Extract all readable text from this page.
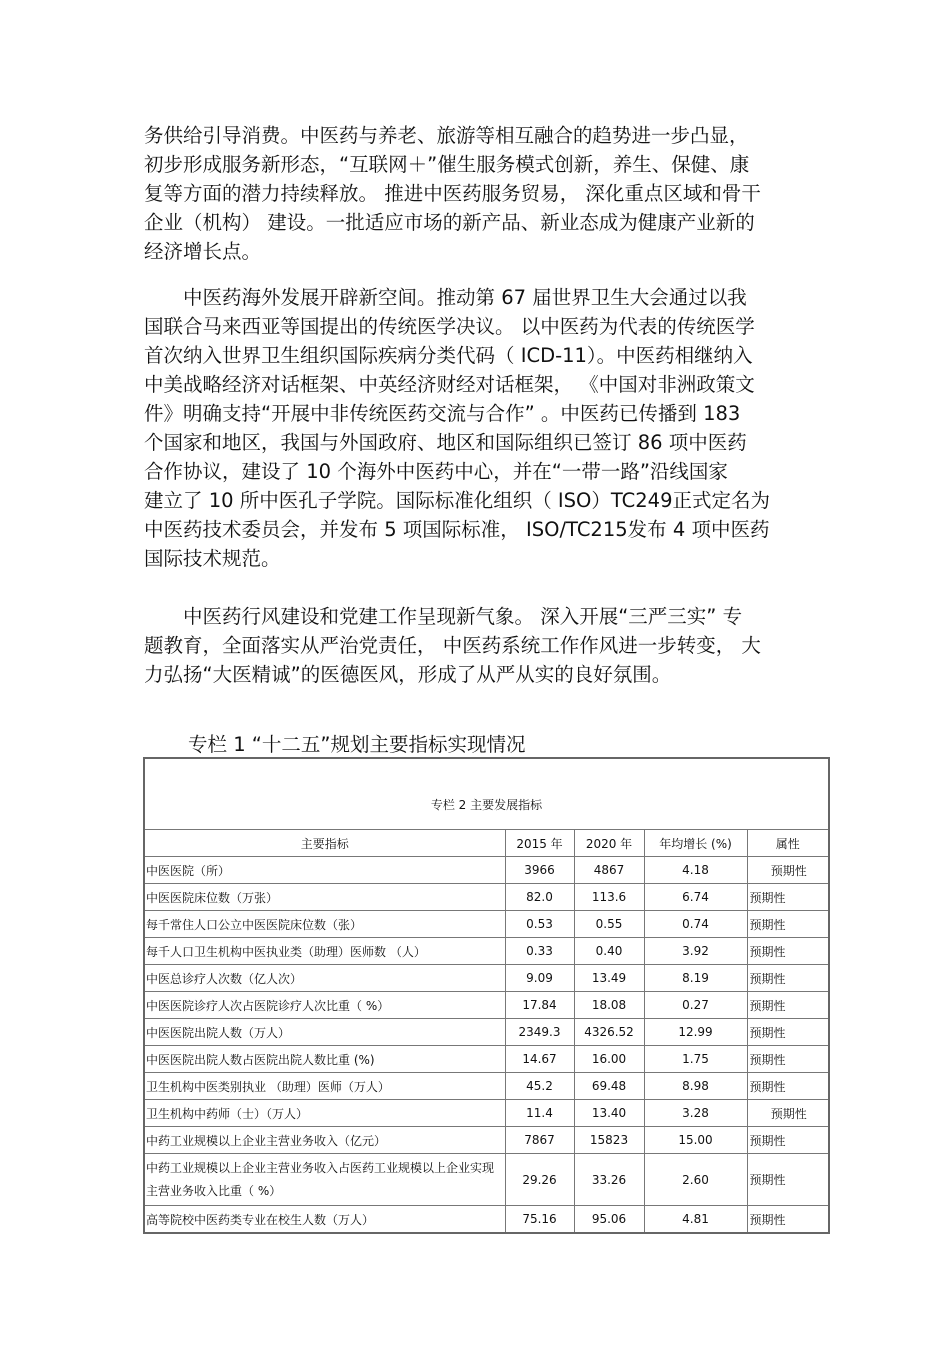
务供给引导消费。中医药与养老、旅游等相互融合的趋势进一步凸显，
初步形成服务新形态，“互联网＋”催生服务模式创新，养生、保健、康
复等方面的潜力持续释放。 推进中医药服务贸易， 深化重点区域和骨干
企业（机构） 建设。一批适应市场的新产品、新业态成为健康产业新的
经济增长点。
　　中医药海外发展开辟新空间。推动第 67 届世界卫生大会通过以我
国联合马来西亚等国提出的传统医学决议。 以中医药为代表的传统医学
首次纳入世界卫生组织国际疾病分类代码（ ICD-11）。中医药相继纳入
中美战略经济对话框架、中英经济财经对话框架， 《中国对非洲政策文
件》明确支持“开展中非传统医药交流与合作” 。中医药已传播到 183
个国家和地区，我国与外国政府、地区和国际组织已签订 86 项中医药
合作协议，建设了 10 个海外中医药中心，并在“一带一路”沿线国家
建立了 10 所中医孔子学院。国际标准化组织（ ISO）TC249正式定名为
中医药技术委员会，并发布 5 项国际标准， ISO/TC215发布 4 项中医药
国际技术规范。
　　中医药行风建设和党建工作呈现新气象。 深入开展“三严三实” 专
题教育，全面落实从严治党责任， 中医药系统工作作风进一步转变， 大
力弘扬“大医精诚”的医德医风，形成了从严从实的良好氛围。
专栏 1 “十二五”规划主要指标实现情况
专栏 2 主要发展指标				
主要指标	2015 年	2020 年	年均增长 (%)	属性
中医医院（所）	3966	4867	4.18	预期性
中医医院床位数（万张）	82.0	113.6	6.74	预期性
每千常住人口公立中医医院床位数（张）	0.53	0.55	0.74	预期性
每千人口卫生机构中医执业类（助理）医师数 （人）	0.33	0.40	3.92	预期性
中医总诊疗人次数（亿人次）	9.09	13.49	8.19	预期性
中医医院诊疗人次占医院诊疗人次比重（ %）	17.84	18.08	0.27	预期性
中医医院出院人数（万人）	2349.3	4326.52	12.99	预期性
中医医院出院人数占医院出院人数比重 (%)	14.67	16.00	1.75	预期性
卫生机构中医类别执业 （助理）医师（万人）	45.2	69.48	8.98	预期性
卫生机构中药师（士）（万人）	11.4	13.40	3.28	预期性
中药工业规模以上企业主营业务收入（亿元）	7867	15823	15.00	预期性
中药工业规模以上企业主营业务收入占医药工业规模以上企业实现主营业务收入比重（ %）	29.26	33.26	2.60	预期性
高等院校中医药类专业在校生人数（万人）	75.16	95.06	4.81	预期性
